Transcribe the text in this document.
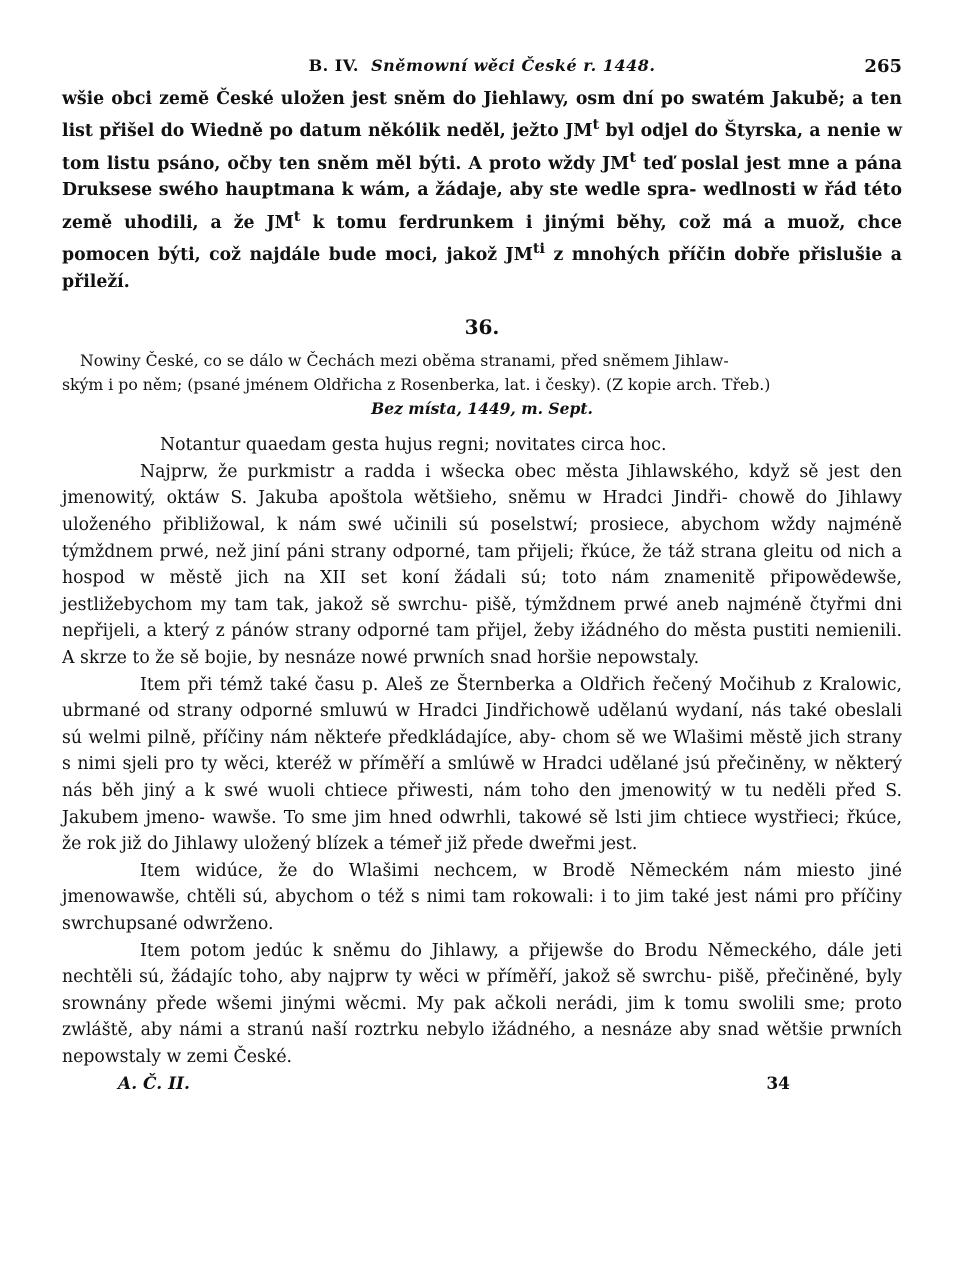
B. IV. Sněmowní wěci České r. 1448.	265

wšie obci zemĕ České uložen jest sněm do Jiehlawy, osm dní po swatém Jakubě; a ten list přišel do Wiedně po datum někólik neděl, ježto $JM^t$ byl odjel do Štyrska, a nenie w tom listu psáno, očby ten sněm měl býti. A proto wždy $JM^t$ teď poslal jest mne a pána Druksese swého hauptmana k wám, a žádaje, aby ste wedle spra- wedlnosti w řád této země uhodili, a že $JM^t$ k tomu ferdrunkem i jinými běhy, což má a muož, chce pomocen býti, což najdále bude moci, jakož $JM^{ti}$ z mnohých příčin dobře přislušie a přileží.

36.

Nowiny České, co se dálo w Čechách mezi oběma stranami, před sněmem Jihlaw-
ským i po něm; (psané jménem Oldřicha z Rosenberka, lat. i česky). (Z kopie arch. Třeb.)

Bez místa, 1449, m. Sept.

Notantur quaedam gesta hujus regni; novitates circa hoc.

Najprw, že purkmistr a radda i wšecka obec města Jihlawského, když sě jest den jmenowitý, oktáw S. Jakuba apoštola wětšieho, sněmu w Hradci Jindři- chowě do Jihlawy uloženého přibližowal, k nám swé učinili sú poselstwí; prosiece, abychom wždy najméně týmždnem prwé, než jiní páni strany odporné, tam přijeli; řkúce, že táž strana gleitu od nich a hospod w městě jich na XII set koní žádali sú; toto nám znamenitě připowědewše, jestližebychom my tam tak, jakož sě swrchu- pišě, týmždnem prwé aneb najméně čtyřmi dni nepřijeli, a který z pánów strany odporné tam přijel, žeby ižádného do města pustiti nemienili. A skrze to že sě bojie, by nesnáze nowé prwních snad horšie nepowstaly.

Item při témž také času p. Aleš ze Šternberka a Oldřich řečený Močihub z Kralowic, ubrmané od strany odporné smluwú w Hradci Jindřichowě udělanú wydaní, nás také obeslali sú welmi pilně, příčiny nám někteŕe předkládajíce, aby- chom sě we Wlašimi městě jich strany s nimi sjeli pro ty wěci, kteréž w příměří a smlúwě w Hradci udělané jsú přečiněny, w některý nás běh jiný a k swé wuoli chtiece přiwesti, nám toho den jmenowitý w tu neděli před S. Jakubem jmeno- wawše. To sme jim hned odwrhli, takowé sě lsti jim chtiece wystřieci; řkúce, že rok již do Jihlawy uložený blízek a témeř již přede dweřmi jest.

Item widúce, že do Wlašimi nechcem, w Brodě Německém nám miesto jiné jmenowawše, chtěli sú, abychom o též s nimi tam rokowali: i to jim také jest námi pro příčiny swrchupsané odwrženo.

Item potom jedúc k sněmu do Jihlawy, a přijewše do Brodu Německého, dále jeti nechtěli sú, žádajíc toho, aby najprw ty wěci w příměří, jakož sě swrchu- pišě, přečiněné, byly srownány přede wšemi jinými wěcmi. My pak ačkoli nerádi, jim k tomu swolili sme; proto zwláště, aby námi a stranú naší roztrku nebylo ižádného, a nesnáze aby snad wětšie prwních nepowstaly w zemi České.

A. Č. II.	34
